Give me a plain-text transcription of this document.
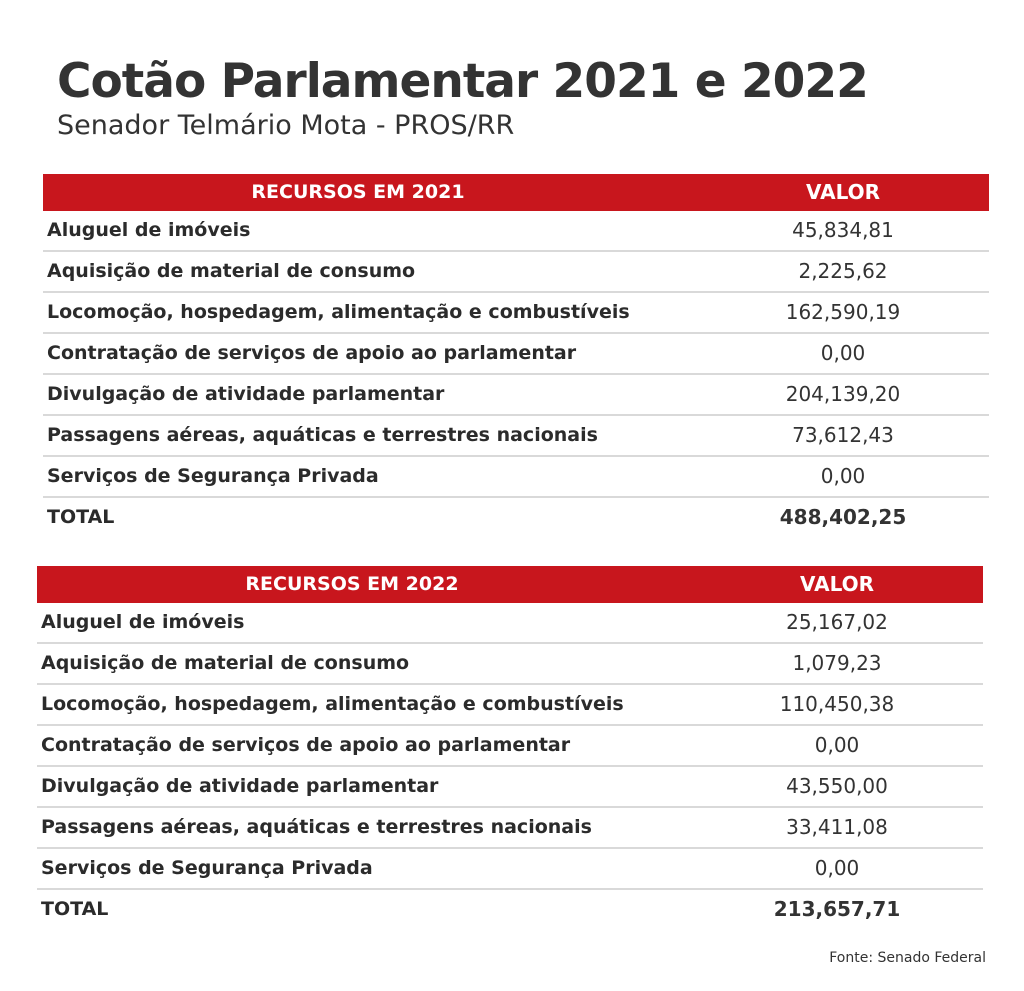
Cotão Parlamentar 2021 e 2022
Senador Telmário Mota - PROS/RR
RECURSOS EM 2021	VALOR
Aluguel de imóveis	45,834,81
Aquisição de material de consumo	2,225,62
Locomoção, hospedagem, alimentação e combustíveis	162,590,19
Contratação de serviços de apoio ao parlamentar	0,00
Divulgação de atividade parlamentar	204,139,20
Passagens aéreas, aquáticas e terrestres nacionais	73,612,43
Serviços de Segurança Privada	0,00
TOTAL	488,402,25
RECURSOS EM 2022	VALOR
Aluguel de imóveis	25,167,02
Aquisição de material de consumo	1,079,23
Locomoção, hospedagem, alimentação e combustíveis	110,450,38
Contratação de serviços de apoio ao parlamentar	0,00
Divulgação de atividade parlamentar	43,550,00
Passagens aéreas, aquáticas e terrestres nacionais	33,411,08
Serviços de Segurança Privada	0,00
TOTAL	213,657,71
Fonte: Senado Federal
